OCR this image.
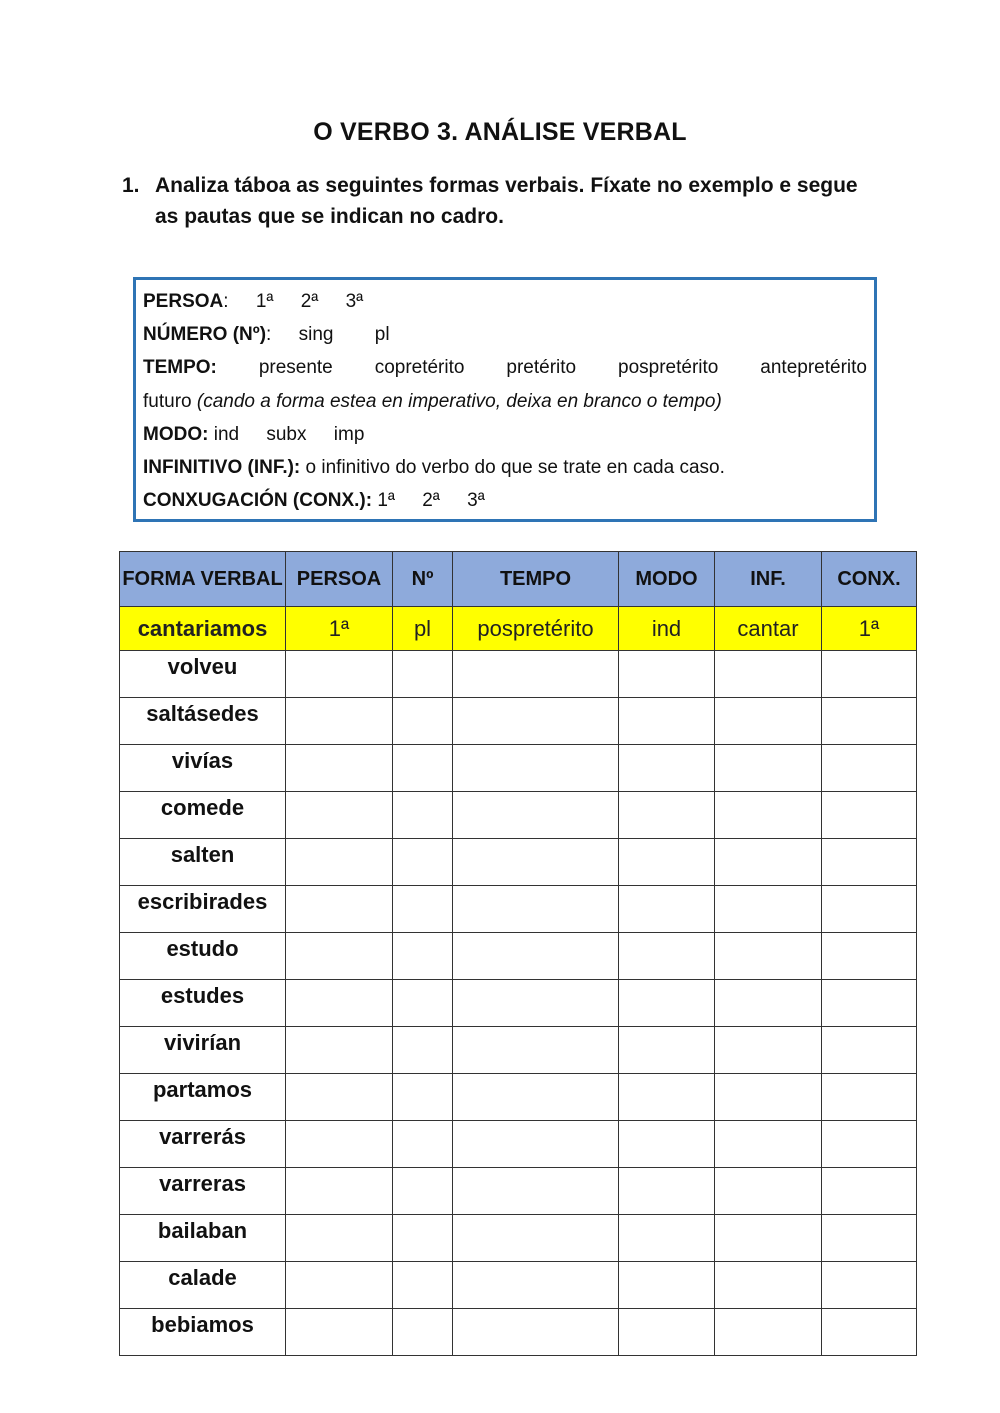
O VERBO 3. ANÁLISE VERBAL
1. Analiza táboa as seguintes formas verbais. Fíxate no exemplo e segue as pautas que se indican no cadro.
PERSOA: 1ª 2ª 3ª
NÚMERO (Nº): sing pl
TEMPO: presente copretérito pretérito pospretérito antepretérito
futuro (cando a forma estea en imperativo, deixa en branco o tempo)
MODO: ind subx imp
INFINITIVO (INF.): o infinitivo do verbo do que se trate en cada caso.
CONXUGACIÓN (CONX.): 1ª 2ª 3ª
FORMA VERBAL	PERSOA	Nº	TEMPO	MODO	INF.	CONX.
cantariamos	1ª	pl	pospretérito	ind	cantar	1ª
volveu						
saltásedes						
vivías						
comede						
salten						
escribirades						
estudo						
estudes						
vivirían						
partamos						
varrerás						
varreras						
bailaban						
calade						
bebiamos						
